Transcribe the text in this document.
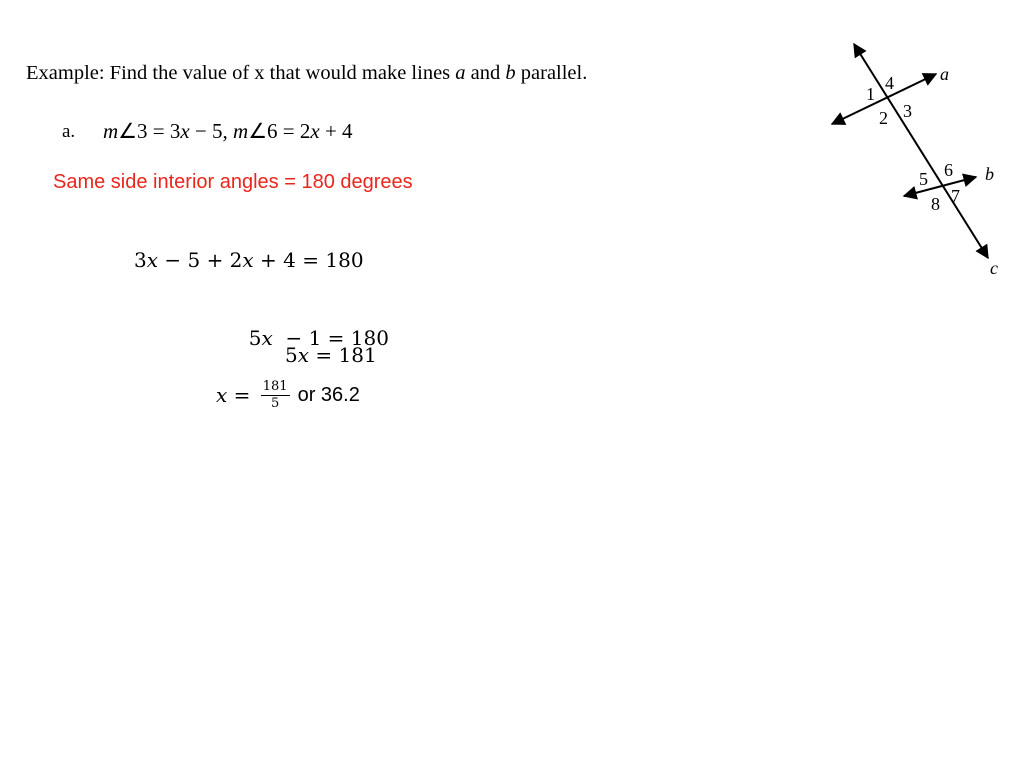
Example: Find the value of x that would make lines a and b parallel.
a. m∠3 = 3x − 5, m∠6 = 2x + 4
Same side interior angles = 180 degrees
3x − 5 + 2x + 4 = 180

5x  − 1 = 180

5x = 181
$x = \frac{181}{5}$ or 36.2
a
b
c
1
2 3
4
5 6
7
8
